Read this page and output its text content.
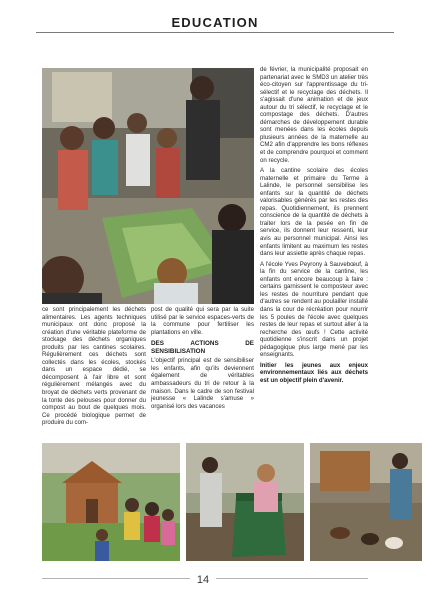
EDUCATION

ce sont principalement les déchets alimentaires. Les agents techniques municipaux ont donc proposé la création d'une véritable plateforme de stockage des déchets organiques produits par les cantines scolaires. Régulièrement ces déchets sont collectés dans les écoles, stockés dans un espace dédié, se décomposent à l'air libre et sont régulièrement mélangés avec du broyat de déchets verts provenant de la tonte des pelouses pour donner du compost au bout de quelques mois. Ce procédé biologique permet de produire du com-

post de qualité qui sera par la suite utilisé par le service espaces-verts de la commune pour fertiliser les plantations en ville.

DES ACTIONS DE SENSIBILISATION

L'objectif principal est de sensibiliser les enfants, afin qu'ils deviennent également de véritables ambassadeurs du tri de retour à la maison. Dans le cadre de son festival jeunesse « Lalinde s'amuse » organisé lors des vacances

de février, la municipalité proposait en partenariat avec le SMD3 un atelier très éco-citoyen sur l'apprentissage du tri-sélectif et le recyclage des déchets. Il s'agissait d'une animation et de jeux autour du tri sélectif, le recyclage et le compostage des déchets. D'autres démarches de développement durable sont menées dans les écoles depuis plusieurs années de la maternelle au CM2 afin d'apprendre les bons réflexes et de comprendre pourquoi et comment on recycle.

A la cantine scolaire des écoles maternelle et primaire du Terme à Lalinde, le personnel sensibilise les enfants sur la quantité de déchets valorisables générés par les restes des repas. Quotidiennement, ils prennent conscience de la quantité de déchets à traiter lors de la pesée en fin de service, ils donnent leur ressenti, leur avis au personnel municipal. Ainsi les enfants limitent au maximum les restes dans leur assiette après chaque repas.

A l'école Yves Peyrony à Sauvebœuf, à la fin du service de la cantine, les enfants ont encore beaucoup à faire : certains garnissent le composteur avec les restes de nourriture pendant que d'autres se rendent au poulailler installé dans la cour de récréation pour nourrir les 5 poules de l'école avec quelques restes de leur repas et surtout aller à la recherche des œufs ! Cette activité quotidienne s'inscrit dans un projet pédagogique plus large mené par les enseignants.

Initier les jeunes aux enjeux environnementaux liés aux déchets est un objectif plein d'avenir.

14
